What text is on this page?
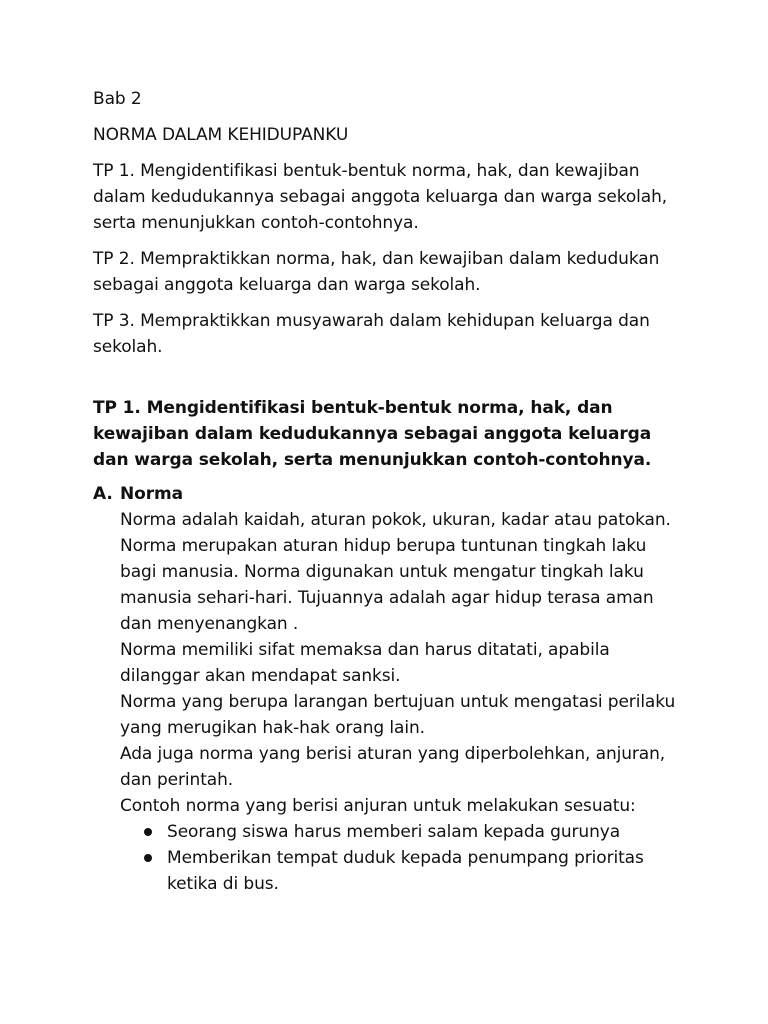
Bab 2

NORMA DALAM KEHIDUPANKU

TP 1. Mengidentifikasi bentuk-bentuk norma, hak, dan kewajiban dalam kedudukannya sebagai anggota keluarga dan warga sekolah, serta menunjukkan contoh-contohnya.

TP 2. Mempraktikkan norma, hak, dan kewajiban dalam kedudukan sebagai anggota keluarga dan warga sekolah.

TP 3. Mempraktikkan musyawarah dalam kehidupan keluarga dan sekolah.

TP 1. Mengidentifikasi bentuk-bentuk norma, hak, dan kewajiban dalam kedudukannya sebagai anggota keluarga dan warga sekolah, serta menunjukkan contoh-contohnya.

A. Norma

Norma adalah kaidah, aturan pokok, ukuran, kadar atau patokan.

Norma merupakan aturan hidup berupa tuntunan tingkah laku bagi manusia. Norma digunakan untuk mengatur tingkah laku manusia sehari-hari. Tujuannya adalah agar hidup terasa aman dan menyenangkan .

Norma memiliki sifat memaksa dan harus ditatati, apabila dilanggar akan mendapat sanksi.

Norma yang berupa larangan bertujuan untuk mengatasi perilaku yang merugikan hak-hak orang lain.

Ada juga norma yang berisi aturan yang diperbolehkan, anjuran, dan perintah.

Contoh norma yang berisi anjuran untuk melakukan sesuatu:

Seorang siswa harus memberi salam kepada gurunya
Memberikan tempat duduk kepada penumpang prioritas ketika di bus.
